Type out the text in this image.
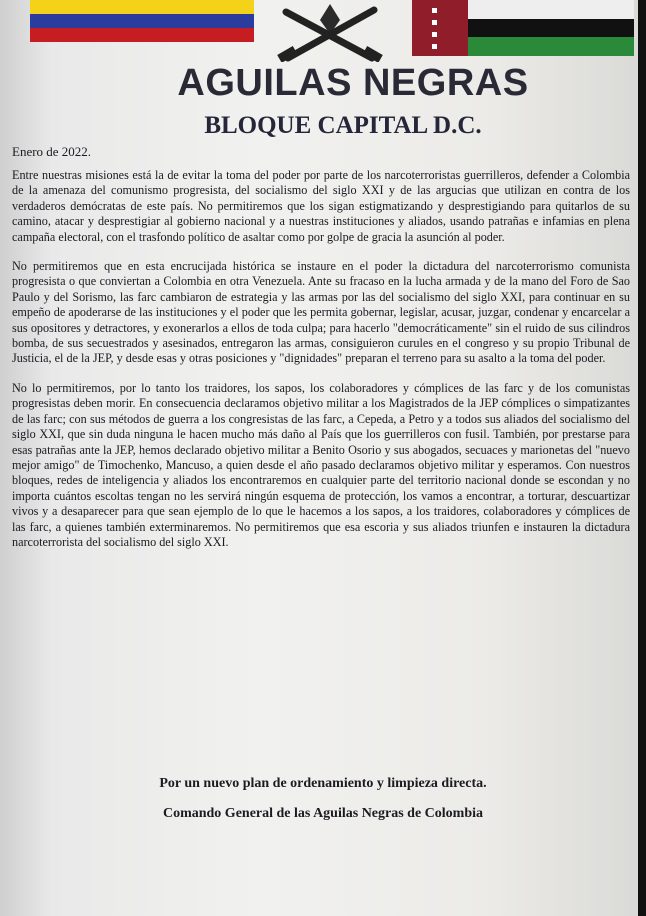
AGUILAS NEGRAS
BLOQUE CAPITAL D.C.
Enero de 2022.

Entre nuestras misiones está la de evitar la toma del poder por parte de los narcoterroristas guerrilleros, defender a Colombia de la amenaza del comunismo progresista, del socialismo del siglo XXI y de las argucias que utilizan en contra de los verdaderos demócratas de este país. No permitiremos que los sigan estigmatizando y desprestigiando para quitarlos de su camino, atacar y desprestigiar al gobierno nacional y a nuestras instituciones y aliados, usando patrañas e infamias en plena campaña electoral, con el trasfondo político de asaltar como por golpe de gracia la asunción al poder.

No permitiremos que en esta encrucijada histórica se instaure en el poder la dictadura del narcoterrorismo comunista progresista o que conviertan a Colombia en otra Venezuela. Ante su fracaso en la lucha armada y de la mano del Foro de Sao Paulo y del Sorismo, las farc cambiaron de estrategia y las armas por las del socialismo del siglo XXI, para continuar en su empeño de apoderarse de las instituciones y el poder que les permita gobernar, legislar, acusar, juzgar, condenar y encarcelar a sus opositores y detractores, y exonerarlos a ellos de toda culpa; para hacerlo "democráticamente" sin el ruido de sus cilindros bomba, de sus secuestrados y asesinados, entregaron las armas, consiguieron curules en el congreso y su propio Tribunal de Justicia, el de la JEP, y desde esas y otras posiciones y "dignidades" preparan el terreno para su asalto a la toma del poder.

No lo permitiremos, por lo tanto los traidores, los sapos, los colaboradores y cómplices de las farc y de los comunistas progresistas deben morir. En consecuencia declaramos objetivo militar a los Magistrados de la JEP cómplices o simpatizantes de las farc; con sus métodos de guerra a los congresistas de las farc, a Cepeda, a Petro y a todos sus aliados del socialismo del siglo XXI, que sin duda ninguna le hacen mucho más daño al País que los guerrilleros con fusil. También, por prestarse para esas patrañas ante la JEP, hemos declarado objetivo militar a Benito Osorio y sus abogados, secuaces y marionetas del "nuevo mejor amigo" de Timochenko, Mancuso, a quien desde el año pasado declaramos objetivo militar y esperamos. Con nuestros bloques, redes de inteligencia y aliados los encontraremos en cualquier parte del territorio nacional donde se escondan y no importa cuántos escoltas tengan no les servirá ningún esquema de protección, los vamos a encontrar, a torturar, descuartizar vivos y a desaparecer para que sean ejemplo de lo que le hacemos a los sapos, a los traidores, colaboradores y cómplices de las farc, a quienes también exterminaremos. No permitiremos que esa escoria y sus aliados triunfen e instauren la dictadura narcoterrorista del socialismo del siglo XXI.

Por un nuevo plan de ordenamiento y limpieza directa.
Comando General de las Aguilas Negras de Colombia
